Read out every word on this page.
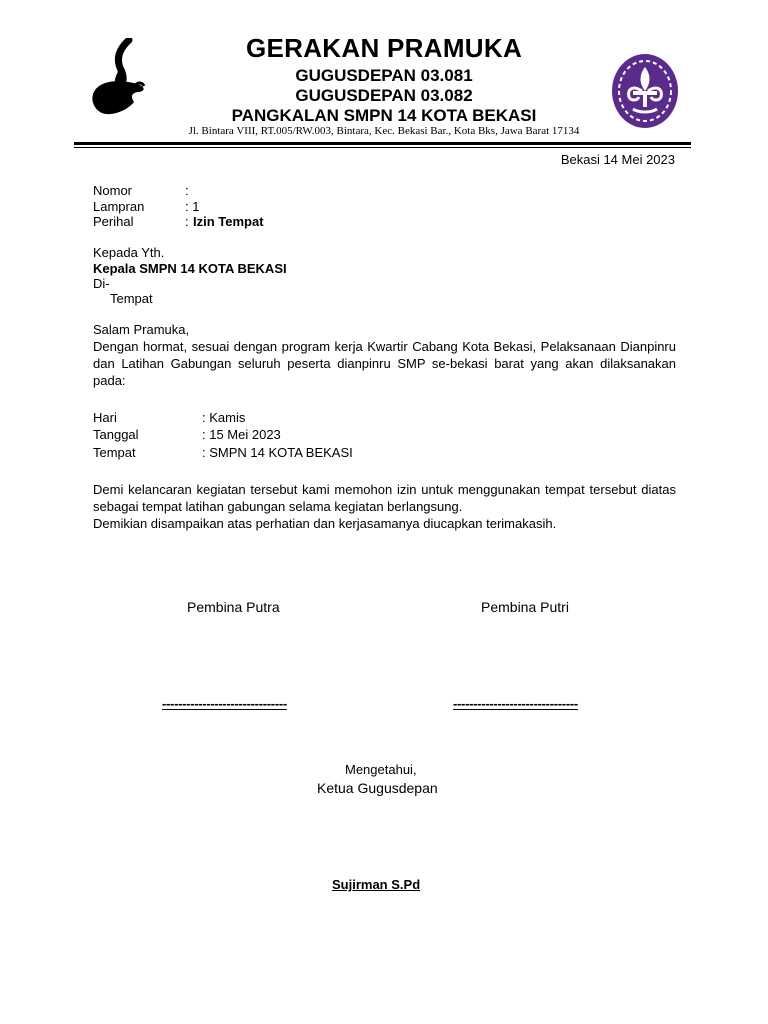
GERAKAN PRAMUKA
GUGUSDEPAN 03.081
GUGUSDEPAN 03.082
PANGKALAN SMPN 14 KOTA BEKASI
Jl. Bintara VIII, RT.005/RW.003, Bintara, Kec. Bekasi Bar., Kota Bks, Jawa Barat 17134
Bekasi 14 Mei 2023
Nomor	:
Lampran	: 1
Perihal	: Izin Tempat
Kepada Yth.
Kepala SMPN 14 KOTA BEKASI
Di-
Tempat
Salam Pramuka,
Dengan hormat, sesuai dengan program kerja Kwartir Cabang Kota Bekasi, Pelaksanaan Dianpinru dan Latihan Gabungan seluruh peserta dianpinru SMP se-bekasi barat yang akan dilaksanakan pada:
Hari	: Kamis
Tanggal	: 15 Mei 2023
Tempat	: SMPN 14 KOTA BEKASI
Demi kelancaran kegiatan tersebut kami memohon izin untuk menggunakan tempat tersebut diatas sebagai tempat latihan gabungan selama kegiatan berlangsung.
Demikian disampaikan atas perhatian dan kerjasamanya diucapkan terimakasih.
Pembina Putra	Pembina Putri
-------------------------------	-------------------------------
Mengetahui,
Ketua Gugusdepan
Sujirman S.Pd
